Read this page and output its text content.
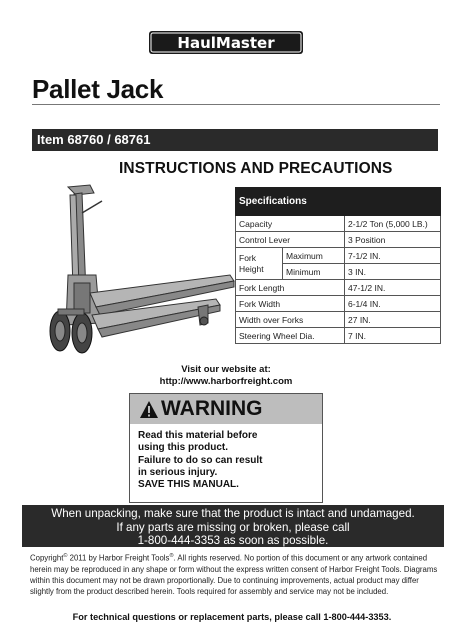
HaulMaster
Pallet Jack
Item 68760 / 68761
INSTRUCTIONS AND PRECAUTIONS
Specifications		
Capacity		2-1/2 Ton (5,000 LB.)
Control Lever		3 Position
Fork
Height	Maximum	7-1/2 IN.
	Minimum	3 IN.
Fork Length		47-1/2 IN.
Fork Width		6-1/4 IN.
Width over Forks		27 IN.
Steering Wheel Dia.		7 IN.
Visit our website at:
http://www.harborfreight.com
WARNING
Read this material before
using this product.
Failure to do so can result
in serious injury.
SAVE THIS MANUAL.
When unpacking, make sure that the product is intact and undamaged.
If any parts are missing or broken, please call
1-800-444-3353 as soon as possible.
Copyright© 2011 by Harbor Freight Tools®. All rights reserved. No portion of this document or any artwork contained herein may be reproduced in any shape or form without the express written consent of Harbor Freight Tools. Diagrams within this document may not be drawn proportionally. Due to continuing improvements, actual product may differ slightly from the product described herein. Tools required for assembly and service may not be included.
For technical questions or replacement parts, please call 1-800-444-3353.
